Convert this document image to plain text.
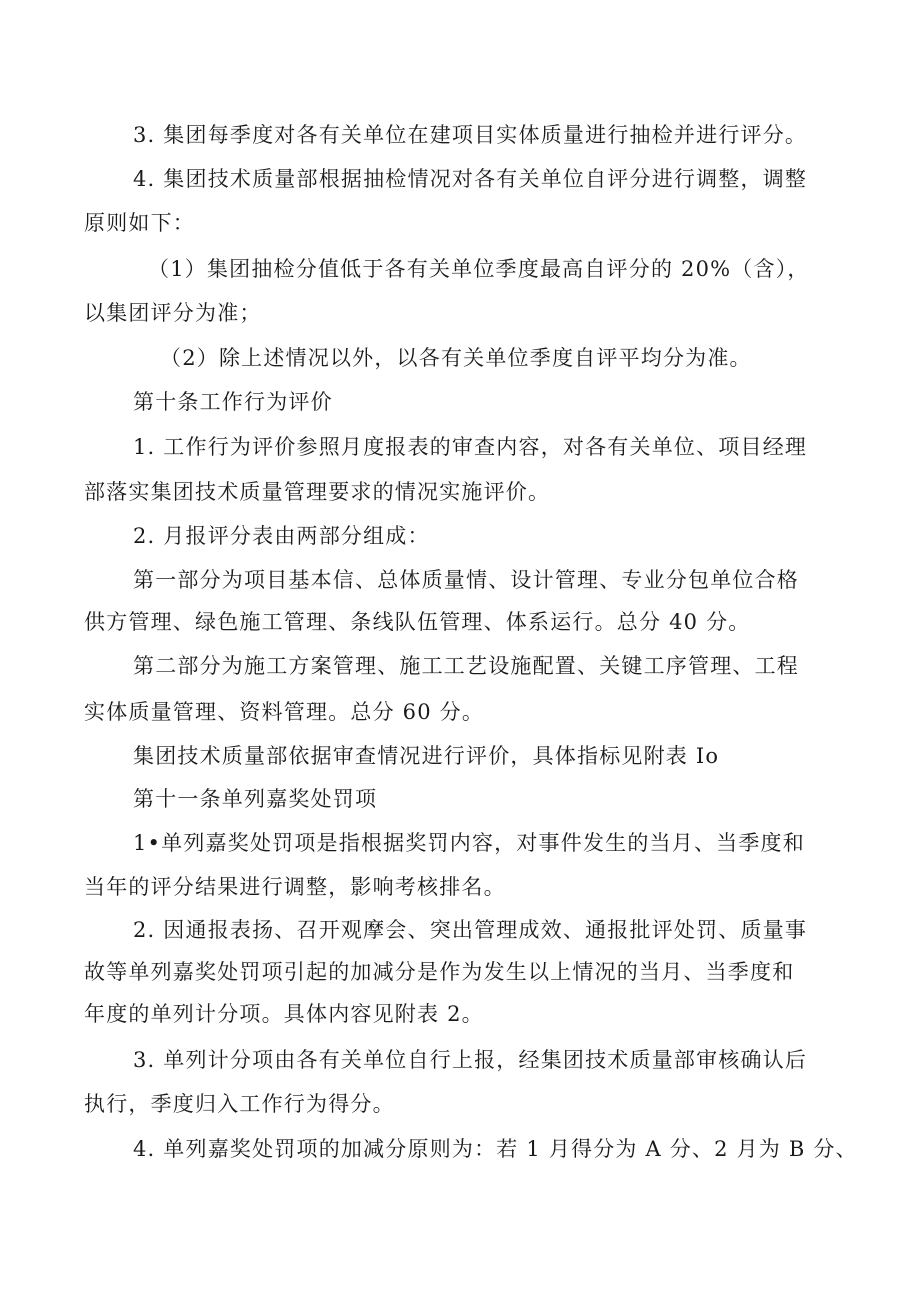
3. 集团每季度对各有关单位在建项目实体质量进行抽检并进行评分。
4. 集团技术质量部根据抽检情况对各有关单位自评分进行调整，调整
原则如下：
（1）集团抽检分值低于各有关单位季度最高自评分的 20%（含），
以集团评分为准；
（2）除上述情况以外，以各有关单位季度自评平均分为准。
第十条工作行为评价
1. 工作行为评价参照月度报表的审查内容，对各有关单位、项目经理
部落实集团技术质量管理要求的情况实施评价。
2. 月报评分表由两部分组成：
第一部分为项目基本信、总体质量情、设计管理、专业分包单位合格
供方管理、绿色施工管理、条线队伍管理、体系运行。总分 40 分。
第二部分为施工方案管理、施工工艺设施配置、关键工序管理、工程
实体质量管理、资料管理。总分 60 分。
集团技术质量部依据审查情况进行评价，具体指标见附表 Io
第十一条单列嘉奖处罚项
1•单列嘉奖处罚项是指根据奖罚内容，对事件发生的当月、当季度和
当年的评分结果进行调整，影响考核排名。
2. 因通报表扬、召开观摩会、突出管理成效、通报批评处罚、质量事
故等单列嘉奖处罚项引起的加减分是作为发生以上情况的当月、当季度和
年度的单列计分项。具体内容见附表 2。
3. 单列计分项由各有关单位自行上报，经集团技术质量部审核确认后
执行，季度归入工作行为得分。
4. 单列嘉奖处罚项的加减分原则为：若 1 月得分为 A 分、2 月为 B 分、
